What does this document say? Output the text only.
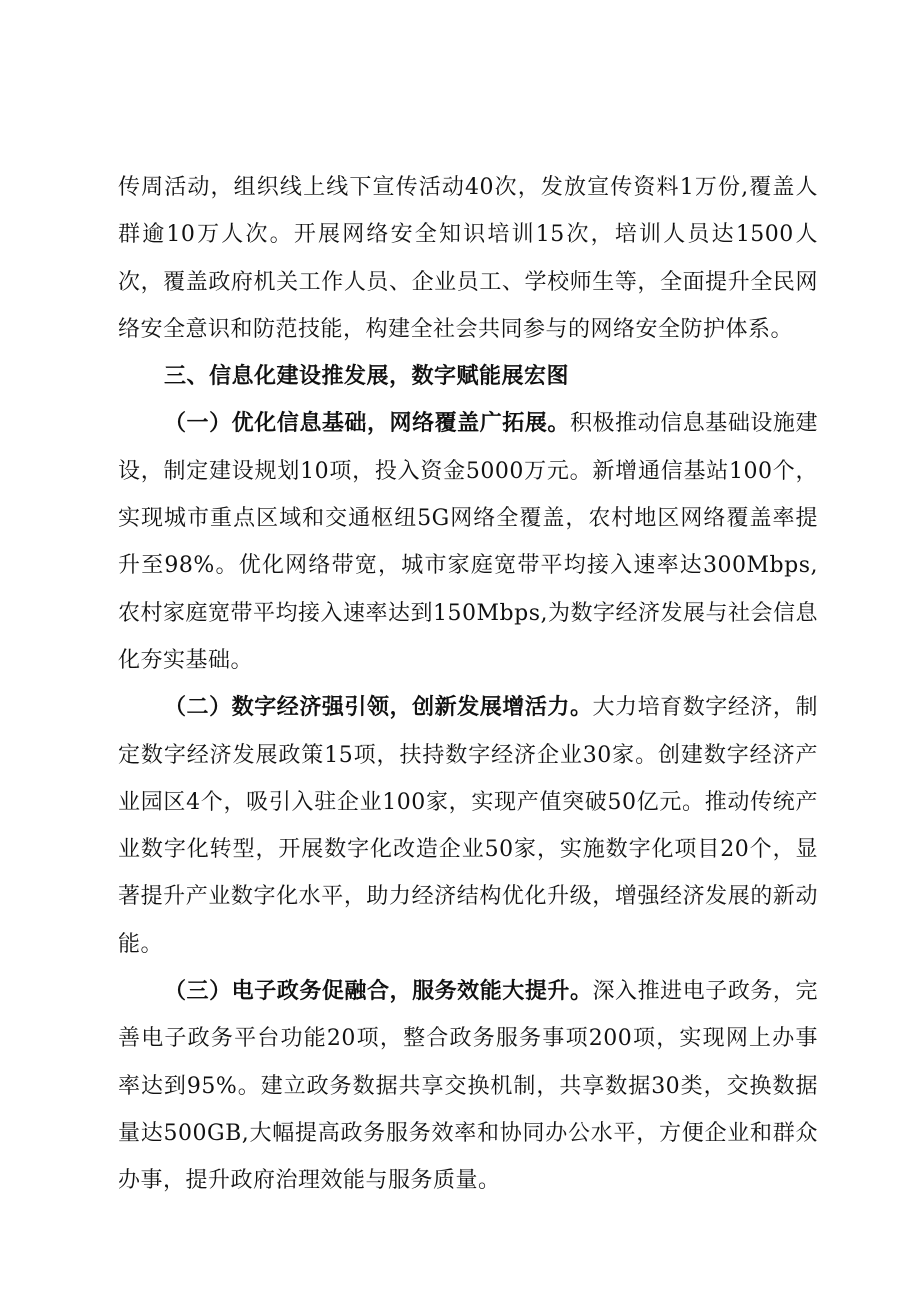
传周活动，组织线上线下宣传活动40次，发放宣传资料1万份,覆盖人群逾10万人次。开展网络安全知识培训15次，培训人员达1500人次，覆盖政府机关工作人员、企业员工、学校师生等，全面提升全民网络安全意识和防范技能，构建全社会共同参与的网络安全防护体系。

三、信息化建设推发展，数字赋能展宏图

（一）优化信息基础，网络覆盖广拓展。积极推动信息基础设施建设，制定建设规划10项，投入资金5000万元。新增通信基站100个，实现城市重点区域和交通枢纽5G网络全覆盖，农村地区网络覆盖率提升至98%。优化网络带宽，城市家庭宽带平均接入速率达300Mbps,农村家庭宽带平均接入速率达到150Mbps,为数字经济发展与社会信息化夯实基础。

（二）数字经济强引领，创新发展增活力。大力培育数字经济，制定数字经济发展政策15项，扶持数字经济企业30家。创建数字经济产业园区4个，吸引入驻企业100家，实现产值突破50亿元。推动传统产业数字化转型，开展数字化改造企业50家，实施数字化项目20个，显著提升产业数字化水平，助力经济结构优化升级，增强经济发展的新动能。

（三）电子政务促融合，服务效能大提升。深入推进电子政务，完善电子政务平台功能20项，整合政务服务事项200项，实现网上办事率达到95%。建立政务数据共享交换机制，共享数据30类，交换数据量达500GB,大幅提高政务服务效率和协同办公水平，方便企业和群众办事，提升政府治理效能与服务质量。
